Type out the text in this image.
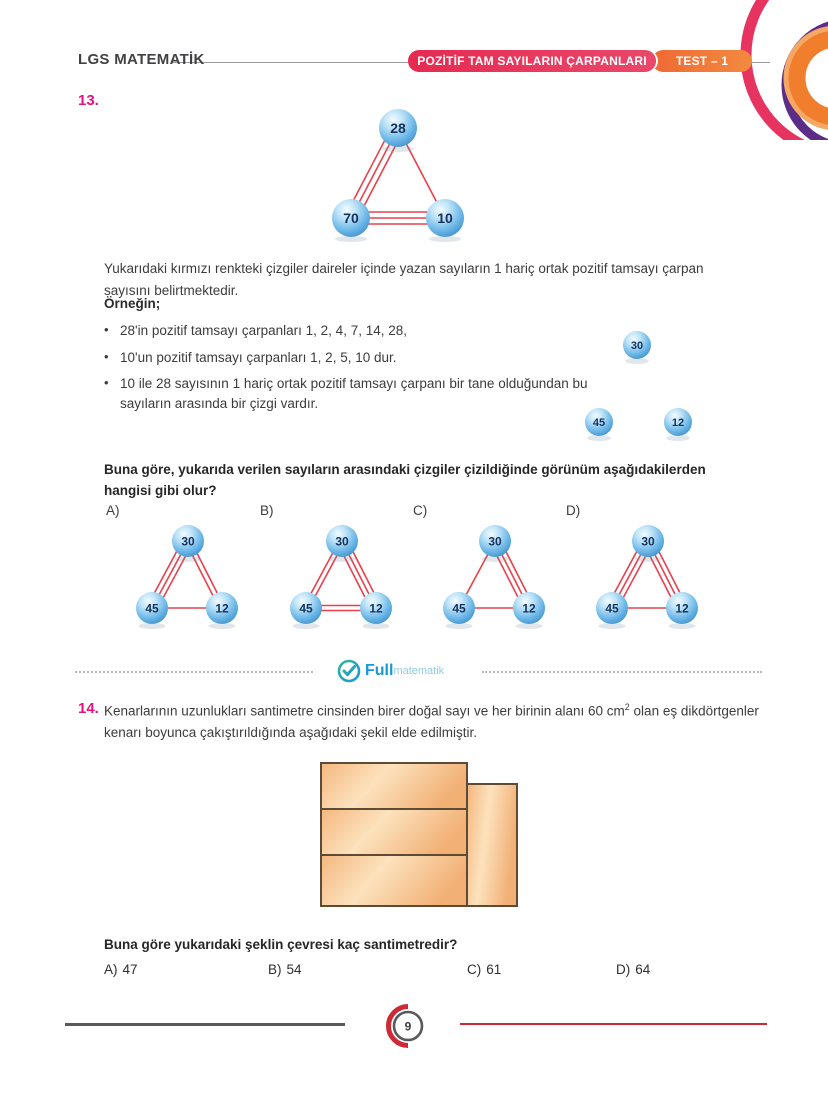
LGS MATEMATİK	POZİTİF TAM SAYILARIN ÇARPANLARI	TEST – 1
13.
28
70	10
Yukarıdaki kırmızı renkteki çizgiler daireler içinde yazan sayıların 1 hariç ortak pozitif tamsayı çarpan sayısını belirtmektedir.
Örneğin;
• 28'in pozitif tamsayı çarpanları 1, 2, 4, 7, 14, 28,
• 10'un pozitif tamsayı çarpanları 1, 2, 5, 10 dur.
• 10 ile 28 sayısının 1 hariç ortak pozitif tamsayı çarpanı bir tane olduğundan bu sayıların arasında bir çizgi vardır.
30
45	12
Buna göre, yukarıda verilen sayıların arasındaki çizgiler çizildiğinde görünüm aşağıdakilerden hangisi gibi olur?
A)
30
45	12
B)
30
45	12
C)
30
45	12
D)
30
45	12
Full matematik
14. Kenarlarının uzunlukları santimetre cinsinden birer doğal sayı ve her birinin alanı 60 $cm^2$ olan eş dikdörtgenler kenarı boyunca çakıştırıldığında aşağıdaki şekil elde edilmiştir.
Buna göre yukarıdaki şeklin çevresi kaç santimetredir?
A) 47	B) 54	C) 61	D) 64
9
